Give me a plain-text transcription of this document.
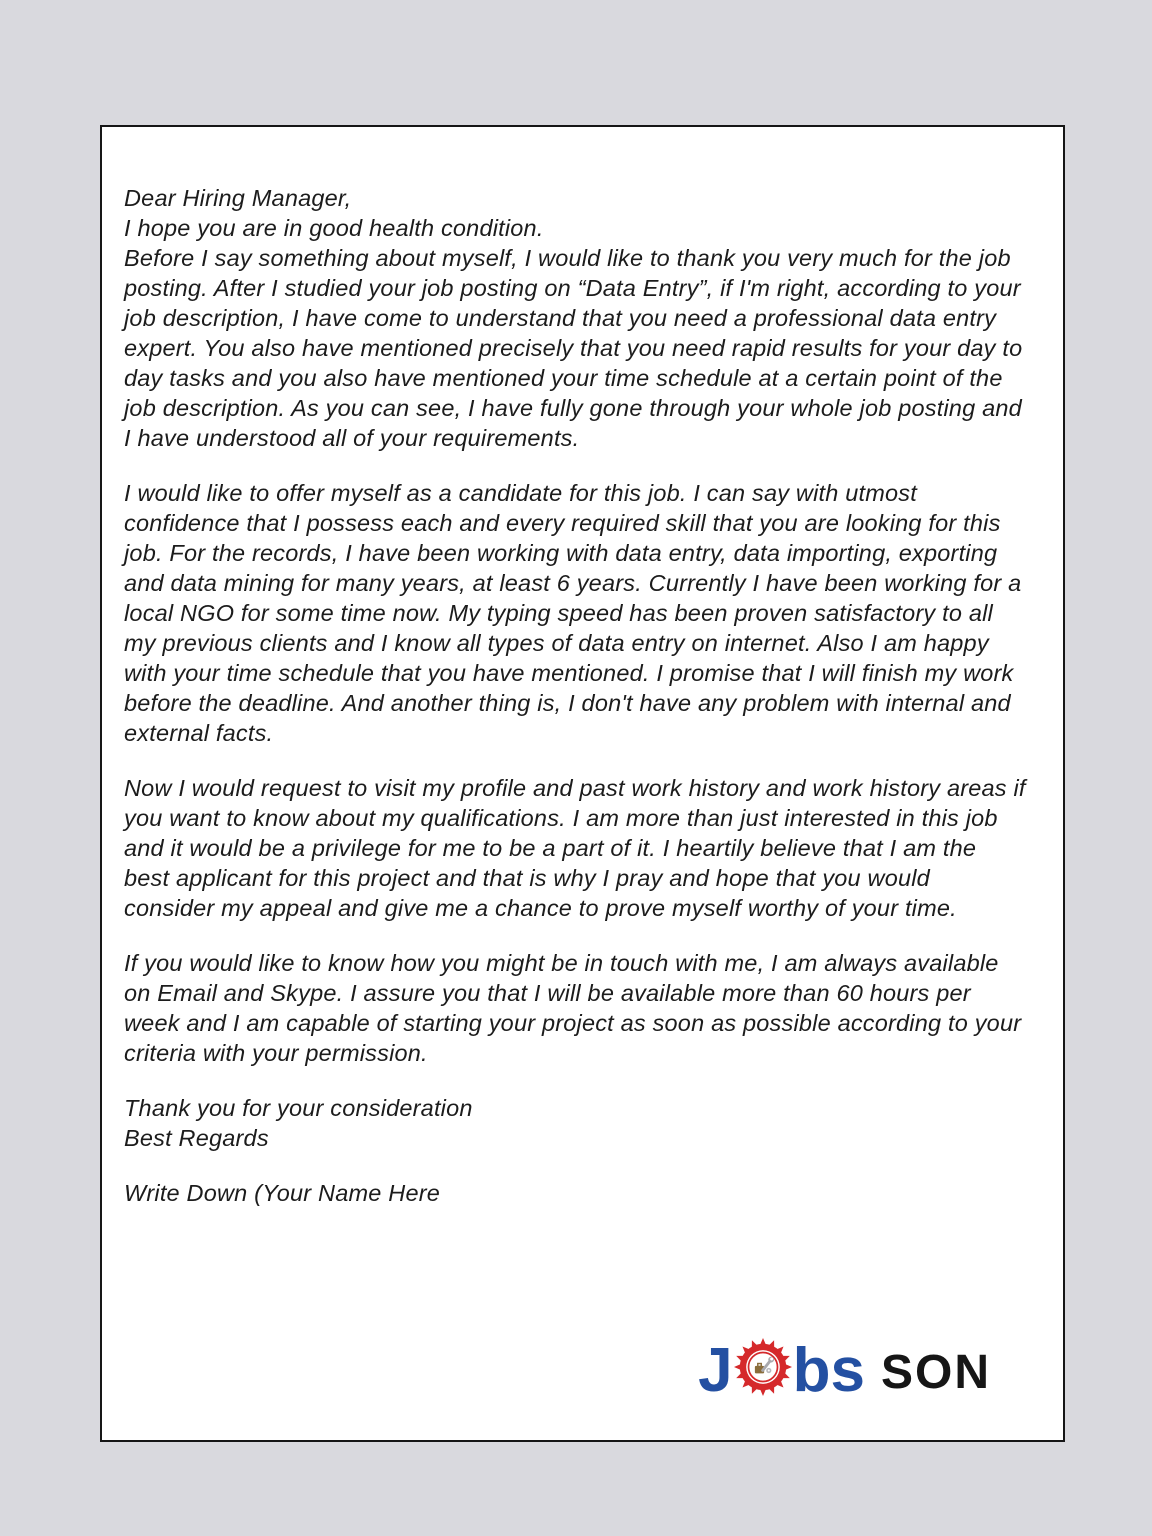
Dear Hiring Manager,

I hope you are in good health condition.

Before I say something about myself, I would like to thank you very much for the job posting. After I studied your job posting on “Data Entry”, if I'm right, according to your job description, I have come to understand that you need a professional data entry expert. You also have mentioned precisely that you need rapid results for your day to day tasks and you also have mentioned your time schedule at a certain point of the job description. As you can see, I have fully gone through your whole job posting and I have understood all of your requirements.

I would like to offer myself as a candidate for this job. I can say with utmost confidence that I possess each and every required skill that you are looking for this job. For the records, I have been working with data entry, data importing, exporting and data mining for many years, at least 6 years. Currently I have been working for a local NGO for some time now. My typing speed has been proven satisfactory to all my previous clients and I know all types of data entry on internet. Also I am happy with your time schedule that you have mentioned. I promise that I will finish my work before the deadline. And another thing is, I don't have any problem with internal and external facts.

Now I would request to visit my profile and past work history and work history areas if you want to know about my qualifications. I am more than just interested in this job and it would be a privilege for me to be a part of it. I heartily believe that I am the best applicant for this project and that is why I pray and hope that you would consider my appeal and give me a chance to prove myself worthy of your time.

If you would like to know how you might be in touch with me, I am always available on Email and Skype. I assure you that I will be available more than 60 hours per week and I am capable of starting your project as soon as possible according to your criteria with your permission.

Thank you for your consideration

Best Regards

Write Down (Your Name Here

J bs SON
